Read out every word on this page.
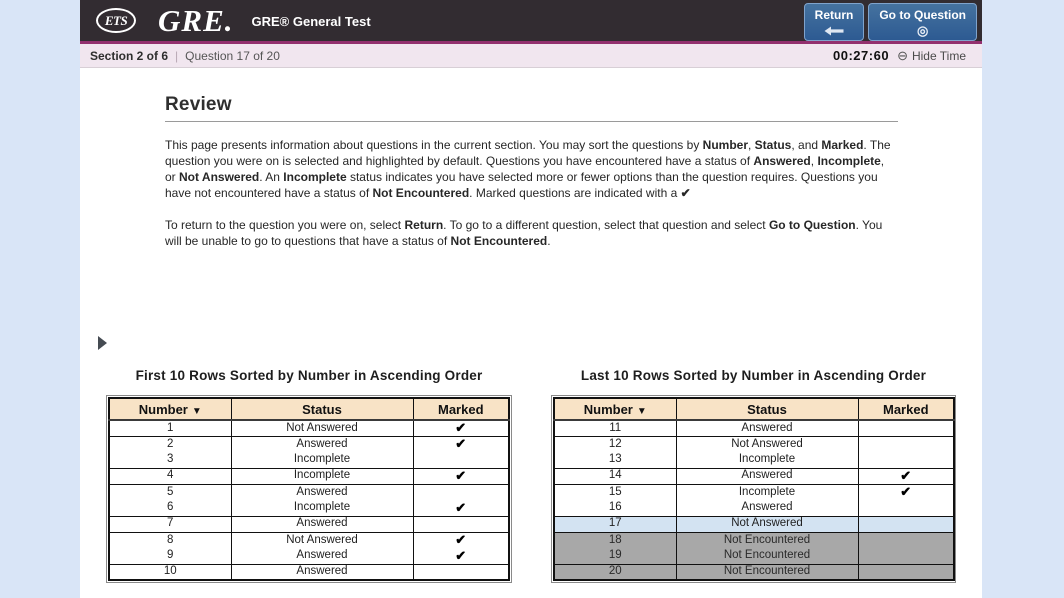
ETS GRE. GRE® General Test	Return Go to Question
◎
Section 2 of 6 | Question 17 of 20	00:27:60 ⊖ Hide Time
Review

This page presents information about questions in the current section. You may sort the questions by Number, Status, and Marked. The question you were on is selected and highlighted by default. Questions you have encountered have a status of Answered, Incomplete, or Not Answered. An Incomplete status indicates you have selected more or fewer options than the question requires. Questions you have not encountered have a status of Not Encountered. Marked questions are indicated with a ✔

To return to the question you were on, select Return. To go to a different question, select that question and select Go to Question. You will be unable to go to questions that have a status of Not Encountered.

First 10 Rows Sorted by Number in Ascending Order
Number ▼	Status	Marked
1	Not Answered	✔
2	Answered	✔
3	Incomplete	
4	Incomplete	✔
5	Answered	
6	Incomplete	✔
7	Answered	
8	Not Answered	✔
9	Answered	✔
10	Answered	
Last 10 Rows Sorted by Number in Ascending Order
Number ▼	Status	Marked
11	Answered	
12	Not Answered	
13	Incomplete	
14	Answered	✔
15	Incomplete	✔
16	Answered	
17	Not Answered	
18	Not Encountered	
19	Not Encountered	
20	Not Encountered	
